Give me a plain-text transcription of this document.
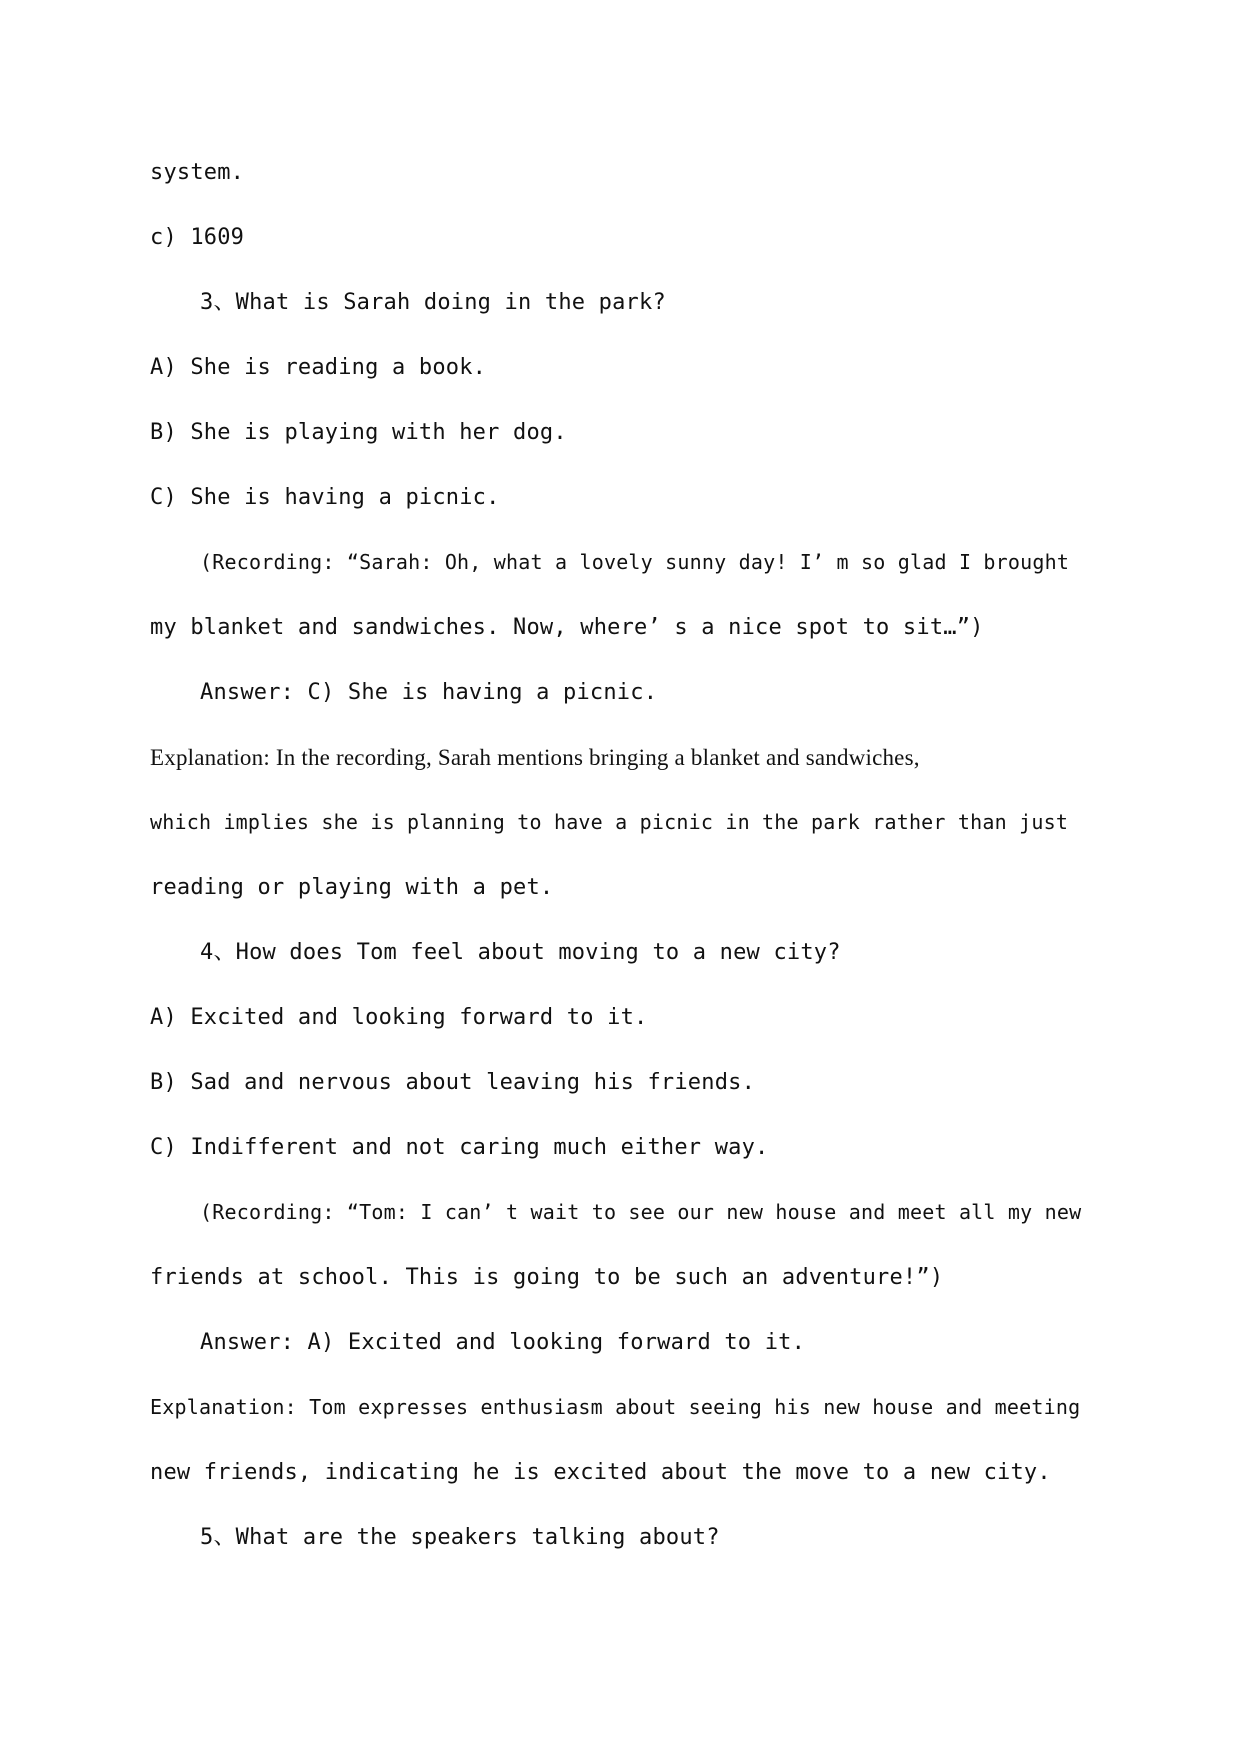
system.
c) 1609
3、What is Sarah doing in the park?
A) She is reading a book.
B) She is playing with her dog.
C) She is having a picnic.
(Recording: “Sarah: Oh, what a lovely sunny day! I’ m so glad I brought
my blanket and sandwiches. Now, where’ s a nice spot to sit…”)
Answer: C) She is having a picnic.
Explanation: In the recording, Sarah mentions bringing a blanket and sandwiches,
which implies she is planning to have a picnic in the park rather than just
reading or playing with a pet.
4、How does Tom feel about moving to a new city?
A) Excited and looking forward to it.
B) Sad and nervous about leaving his friends.
C) Indifferent and not caring much either way.
(Recording: “Tom: I can’ t wait to see our new house and meet all my new
friends at school. This is going to be such an adventure!”)
Answer: A) Excited and looking forward to it.
Explanation: Tom expresses enthusiasm about seeing his new house and meeting
new friends, indicating he is excited about the move to a new city.
5、What are the speakers talking about?
